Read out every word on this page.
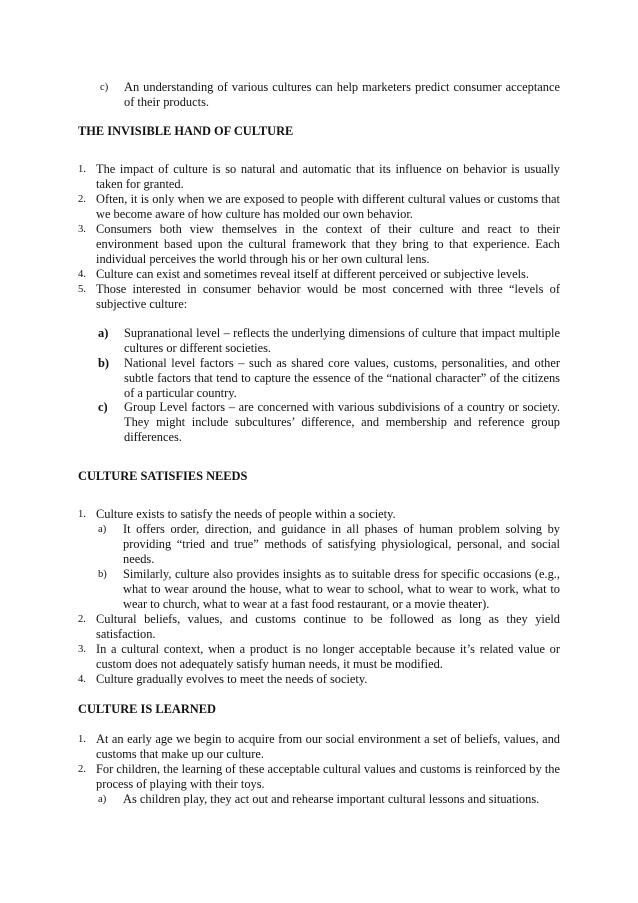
c) An understanding of various cultures can help marketers predict consumer acceptance of their products.
THE INVISIBLE HAND OF CULTURE
1. The impact of culture is so natural and automatic that its influence on behavior is usually taken for granted.
2. Often, it is only when we are exposed to people with different cultural values or customs that we become aware of how culture has molded our own behavior.
3. Consumers both view themselves in the context of their culture and react to their environment based upon the cultural framework that they bring to that experience. Each individual perceives the world through his or her own cultural lens.
4. Culture can exist and sometimes reveal itself at different perceived or subjective levels.
5. Those interested in consumer behavior would be most concerned with three “levels of subjective culture:
a) Supranational level – reflects the underlying dimensions of culture that impact multiple cultures or different societies.
b) National level factors – such as shared core values, customs, personalities, and other subtle factors that tend to capture the essence of the “national character” of the citizens of a particular country.
c) Group Level factors – are concerned with various subdivisions of a country or society. They might include subcultures’ difference, and membership and reference group differences.
CULTURE SATISFIES NEEDS
1. Culture exists to satisfy the needs of people within a society.
a) It offers order, direction, and guidance in all phases of human problem solving by providing “tried and true” methods of satisfying physiological, personal, and social needs.
b) Similarly, culture also provides insights as to suitable dress for specific occasions (e.g., what to wear around the house, what to wear to school, what to wear to work, what to wear to church, what to wear at a fast food restaurant, or a movie theater).
2. Cultural beliefs, values, and customs continue to be followed as long as they yield satisfaction.
3. In a cultural context, when a product is no longer acceptable because it’s related value or custom does not adequately satisfy human needs, it must be modified.
4. Culture gradually evolves to meet the needs of society.
CULTURE IS LEARNED
1. At an early age we begin to acquire from our social environment a set of beliefs, values, and customs that make up our culture.
2. For children, the learning of these acceptable cultural values and customs is reinforced by the process of playing with their toys.
a) As children play, they act out and rehearse important cultural lessons and situations.
